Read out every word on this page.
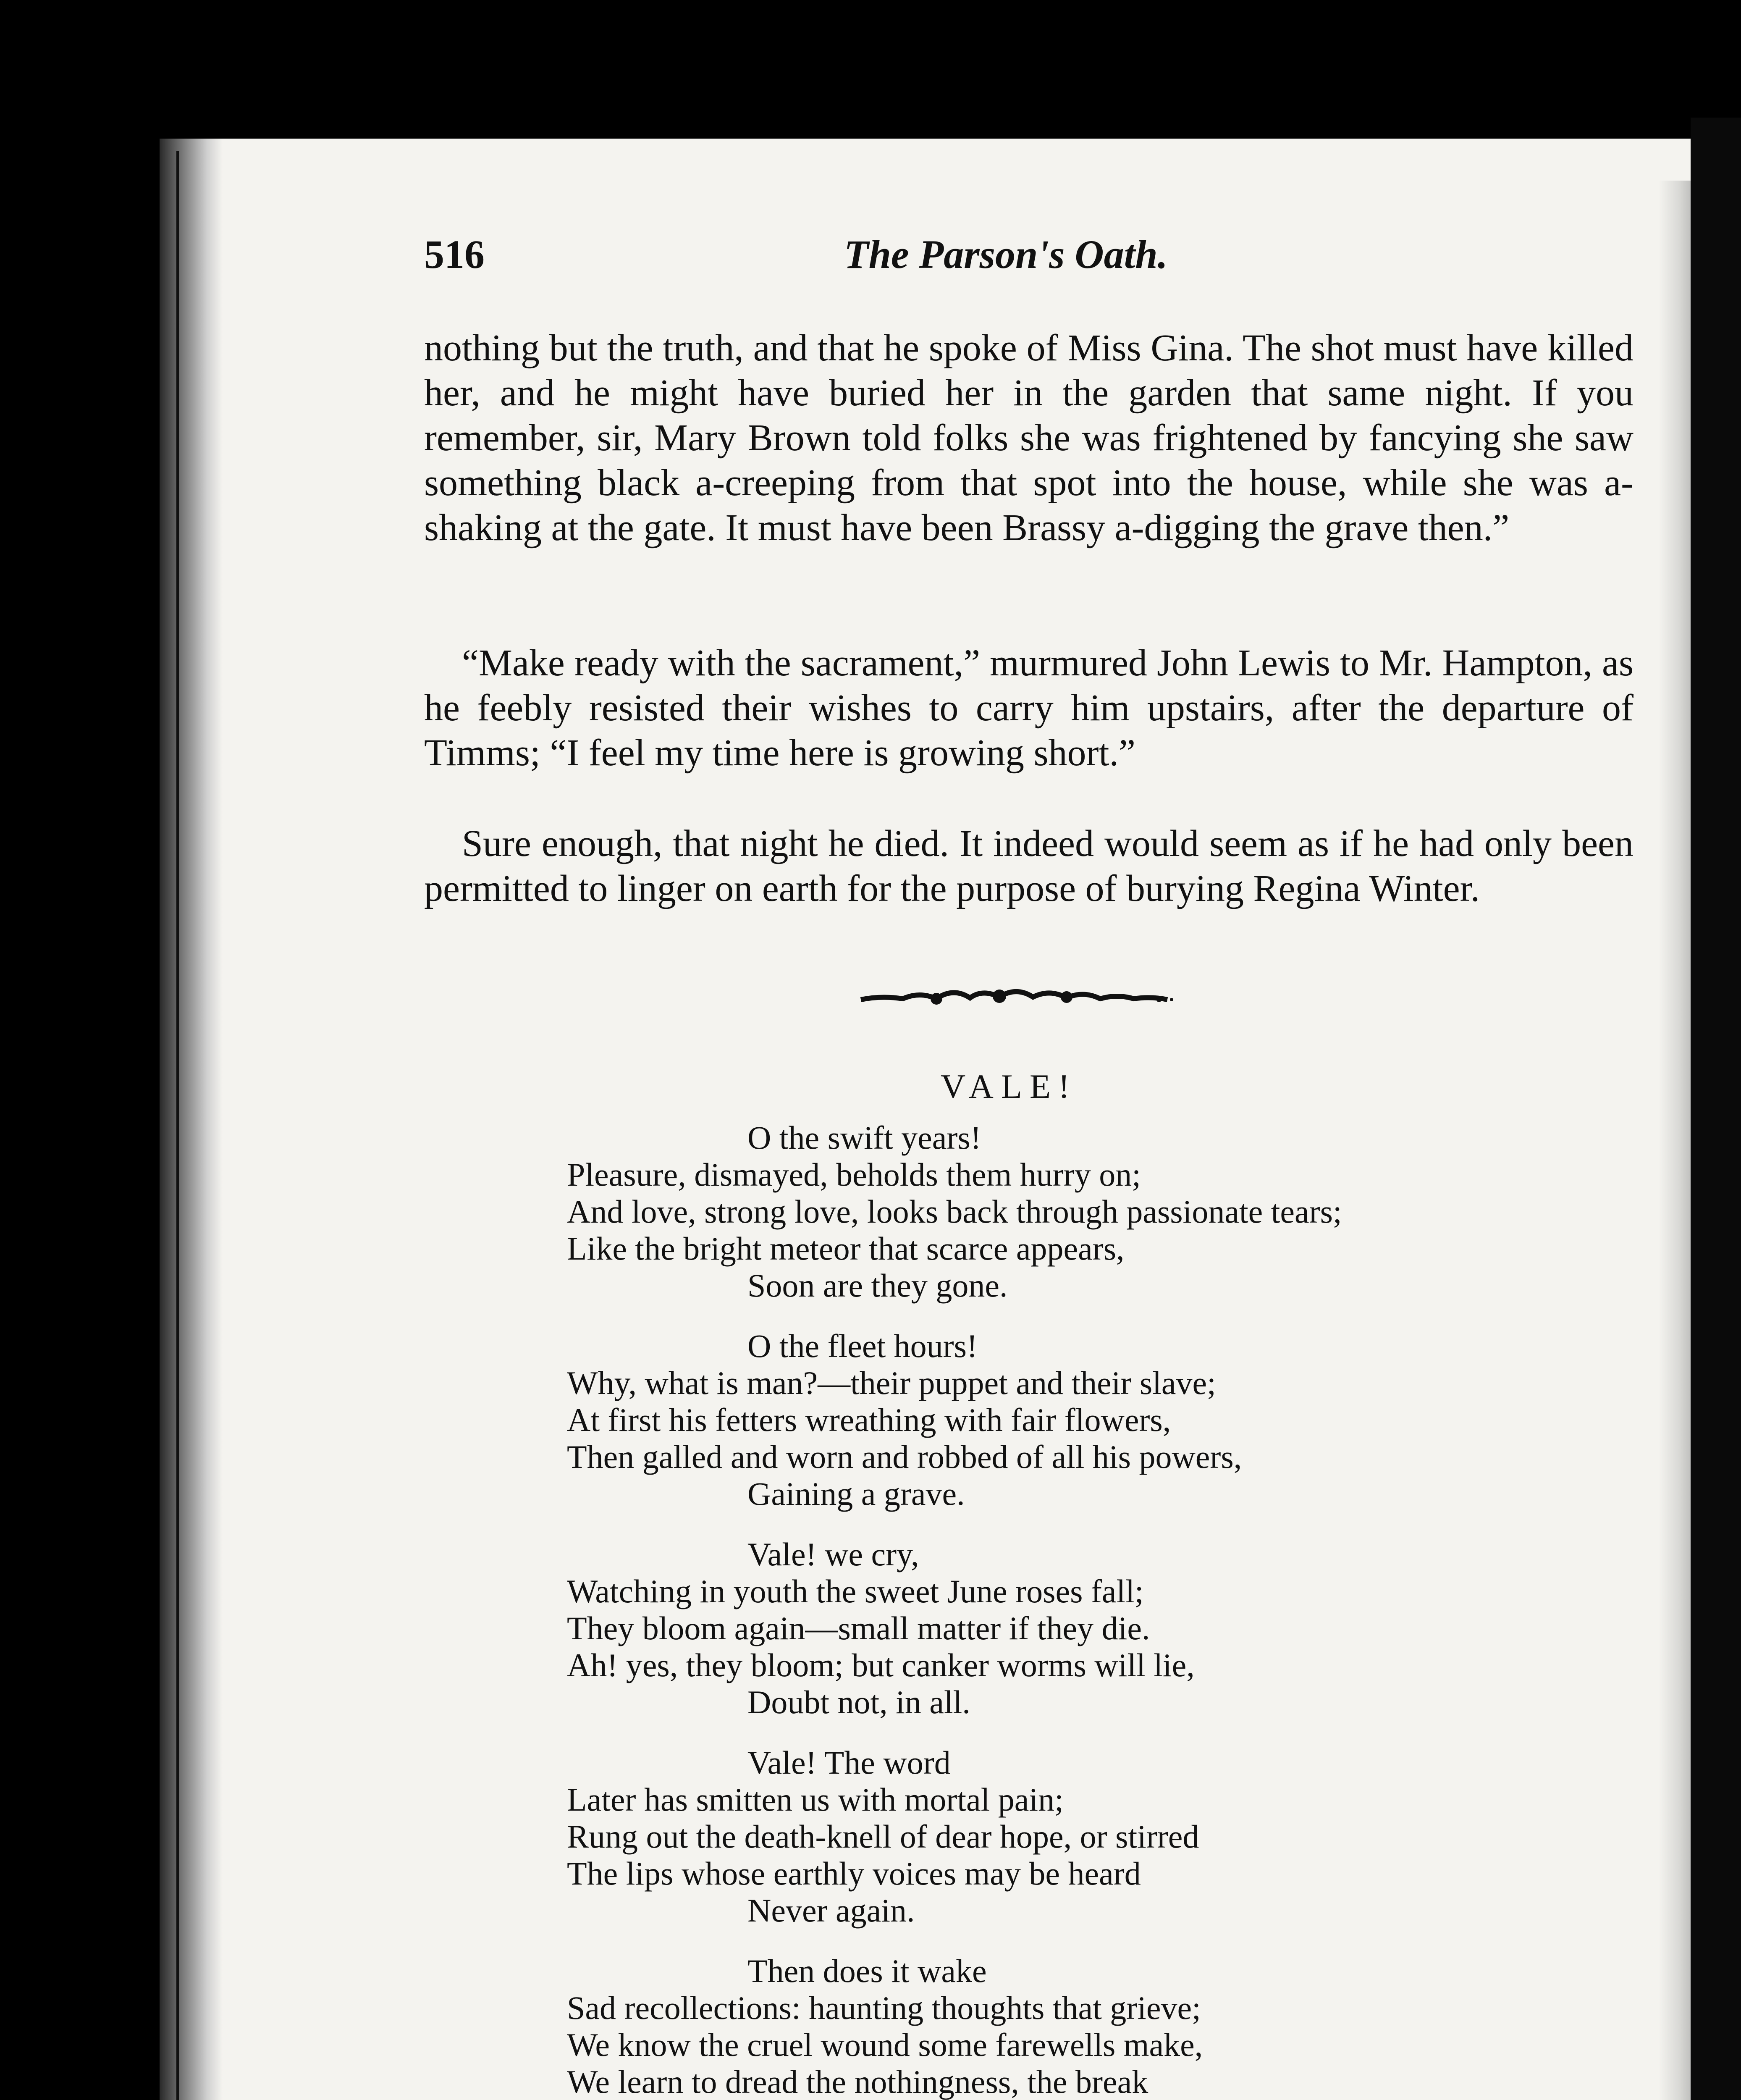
516	The Parson's Oath.

nothing but the truth, and that he spoke of Miss Gina. The shot must have killed her, and he might have buried her in the garden that same night. If you remember, sir, Mary Brown told folks she was frightened by fancying she saw something black a-creeping from that spot into the house, while she was a-shaking at the gate. It must have been Brassy a-digging the grave then.”

“Make ready with the sacrament,” murmured John Lewis to Mr. Hampton, as he feebly resisted their wishes to carry him upstairs, after the departure of Timms; “I feel my time here is growing short.”

Sure enough, that night he died. It indeed would seem as if he had only been permitted to linger on earth for the purpose of burying Regina Winter.

VALE!
O the swift years!
Pleasure, dismayed, beholds them hurry on;
And love, strong love, looks back through passionate tears;
Like the bright meteor that scarce appears,
Soon are they gone.
O the fleet hours!
Why, what is man?—their puppet and their slave;
At first his fetters wreathing with fair flowers,
Then galled and worn and robbed of all his powers,
Gaining a grave.
Vale! we cry,
Watching in youth the sweet June roses fall;
They bloom again—small matter if they die.
Ah! yes, they bloom; but canker worms will lie,
Doubt not, in all.
Vale! The word
Later has smitten us with mortal pain;
Rung out the death-knell of dear hope, or stirred
The lips whose earthly voices may be heard
Never again.
Then does it wake
Sad recollections: haunting thoughts that grieve;
We know the cruel wound some farewells make,
We learn to dread the nothingness, the break
